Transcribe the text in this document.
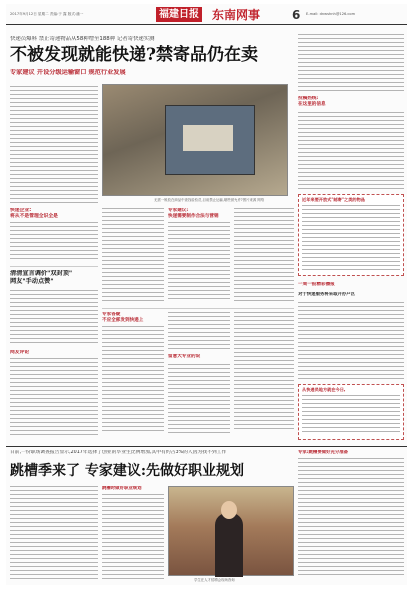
2017年9月12日 星期二 责编:于 露 版式:潘一	福建日报 东南网事	6 E-mail: dnwshnh@126.com
快递员爆料 禁止寄递物品从58种增至188种 记者寄快递实测
不被发现就能快递?禁寄品仍在卖
专家建议 开设分级运输窗口 规范行业发展
无需一般放在商品中查找检验员,目前禁止运输,哪些被允许?图片来源 网络
投稿热线:
在这里的信息
近年来要开放式"邮寄"之类的物品
专家建议:
快递需要制作合法与营销
快递企业:
将从不是管理全识全是
清清宣言调价"双封顶"
网友"手动点赞"
网友评论
专家答疑
不应全部发到快递上
留意大专业的说
一周一报精彩播报
对于快递服务将采取开办户区
从快递员地方就在今日,
日前,一份职场调查报告显示,2017年选择了创业的毕业生比例增加,其中有约占3%的人因为找不到工作
跳槽季来了 专家建议:先做好职业规划
跳槽时做好职业规划
学生在人才招聘会现场咨询
专家:跳槽要做好充分准备
